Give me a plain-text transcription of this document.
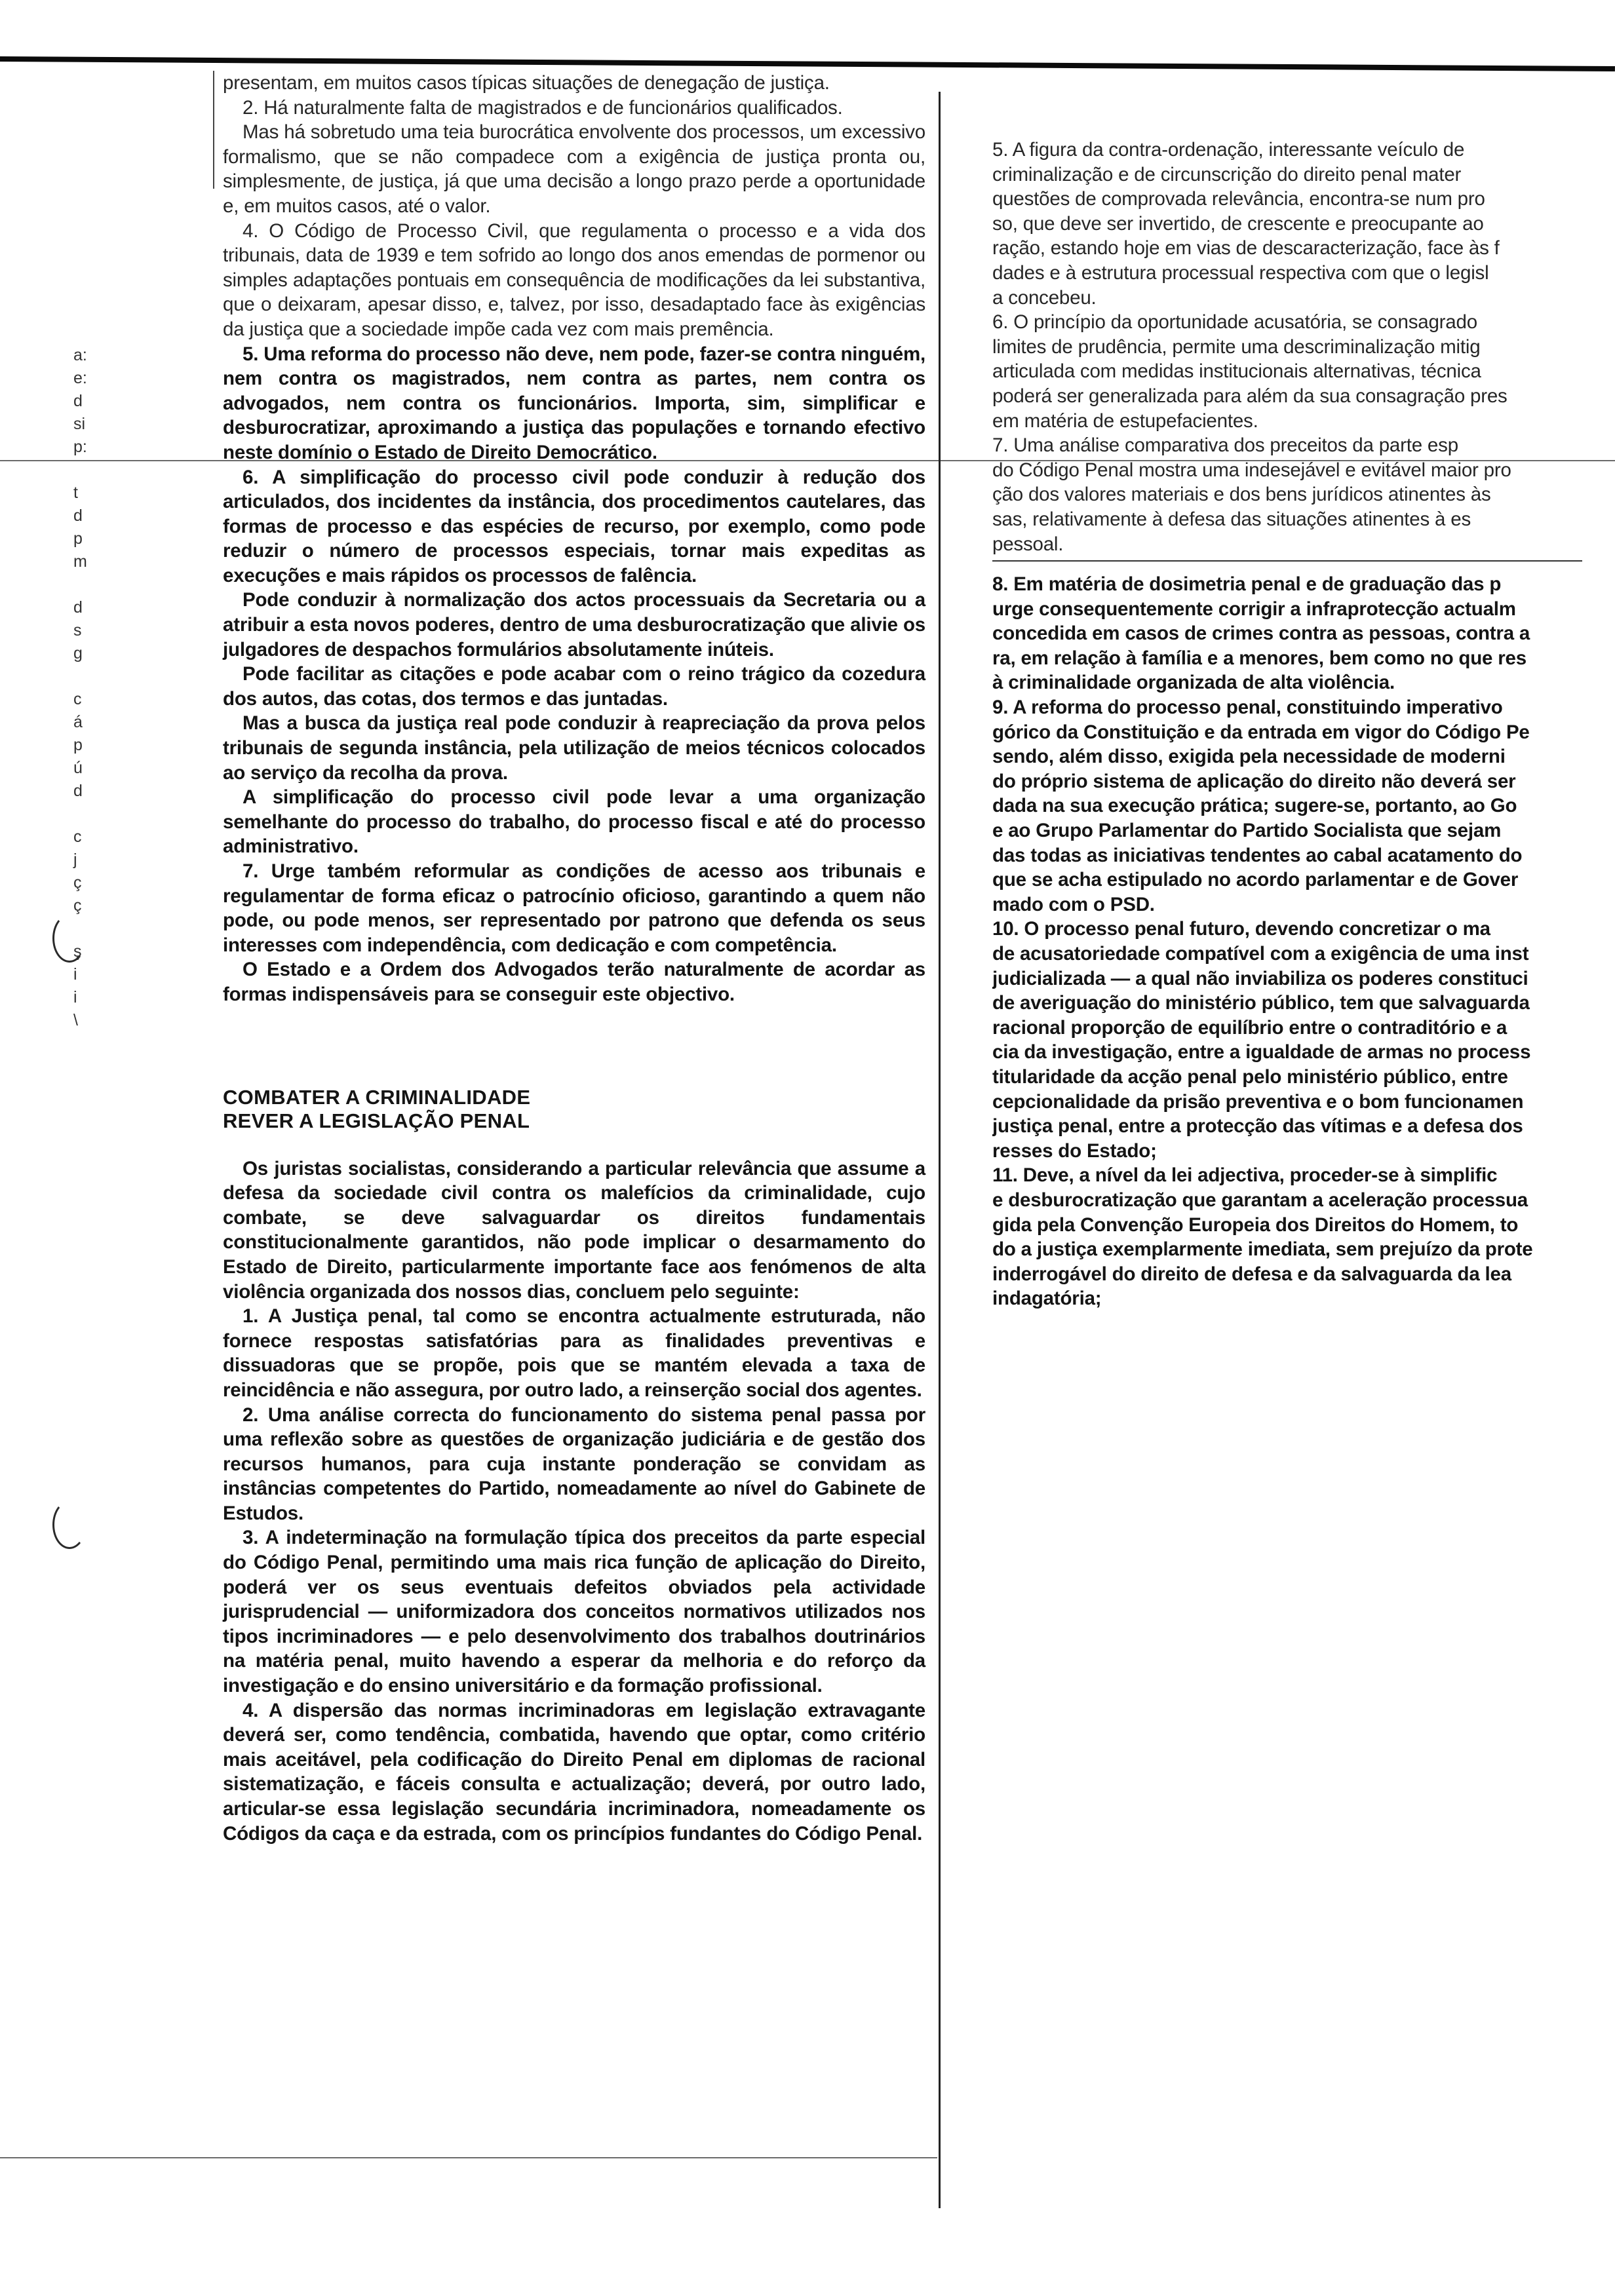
a:
e:
d
si
p:
t
d
p
m
d
s
g
c
á
p
ú
d
c
j
ç
ç
ş
i
i
\

presentam, em muitos casos típicas situações de denegação de justiça.

2. Há naturalmente falta de magistrados e de funcionários qualificados.

Mas há sobretudo uma teia burocrática envolvente dos processos, um excessivo formalismo, que se não compadece com a exigência de justiça pronta ou, simplesmente, de justiça, já que uma decisão a longo prazo perde a oportunidade e, em muitos casos, até o valor.

4. O Código de Processo Civil, que regulamenta o processo e a vida dos tribunais, data de 1939 e tem sofrido ao longo dos anos emendas de pormenor ou simples adaptações pontuais em consequência de modificações da lei substantiva, que o deixaram, apesar disso, e, talvez, por isso, desadaptado face às exigências da justiça que a sociedade impõe cada vez com mais premência.

5. Uma reforma do processo não deve, nem pode, fazer-se contra ninguém, nem contra os magistrados, nem contra as partes, nem contra os advogados, nem contra os funcionários. Importa, sim, simplificar e desburocratizar, aproximando a justiça das populações e tornando efectivo neste domínio o Estado de Direito Democrático.

6. A simplificação do processo civil pode conduzir à redução dos articulados, dos incidentes da instância, dos procedimentos cautelares, das formas de processo e das espécies de recurso, por exemplo, como pode reduzir o número de processos especiais, tornar mais expeditas as execuções e mais rápidos os processos de falência.

Pode conduzir à normalização dos actos processuais da Secretaria ou a atribuir a esta novos poderes, dentro de uma desburocratização que alivie os julgadores de despachos formulários absolutamente inúteis.

Pode facilitar as citações e pode acabar com o reino trágico da cozedura dos autos, das cotas, dos termos e das juntadas.

Mas a busca da justiça real pode conduzir à reapreciação da prova pelos tribunais de segunda instância, pela utilização de meios técnicos colocados ao serviço da recolha da prova.

A simplificação do processo civil pode levar a uma organização semelhante do processo do trabalho, do processo fiscal e até do processo administrativo.

7. Urge também reformular as condições de acesso aos tribunais e regulamentar de forma eficaz o patrocínio oficioso, garantindo a quem não pode, ou pode menos, ser representado por patrono que defenda os seus interesses com independência, com dedicação e com competência.

O Estado e a Ordem dos Advogados terão naturalmente de acordar as formas indispensáveis para se conseguir este objectivo.

COMBATER A CRIMINALIDADE

REVER A LEGISLAÇÃO PENAL

Os juristas socialistas, considerando a particular relevância que assume a defesa da sociedade civil contra os malefícios da criminalidade, cujo combate, se deve salvaguardar os direitos fundamentais constitucionalmente garantidos, não pode implicar o desarmamento do Estado de Direito, particularmente importante face aos fenómenos de alta violência organizada dos nossos dias, concluem pelo seguinte:

1. A Justiça penal, tal como se encontra actualmente estruturada, não fornece respostas satisfatórias para as finalidades preventivas e dissuadoras que se propõe, pois que se mantém elevada a taxa de reincidência e não assegura, por outro lado, a reinserção social dos agentes.

2. Uma análise correcta do funcionamento do sistema penal passa por uma reflexão sobre as questões de organização judiciária e de gestão dos recursos humanos, para cuja instante ponderação se convidam as instâncias competentes do Partido, nomeadamente ao nível do Gabinete de Estudos.

3. A indeterminação na formulação típica dos preceitos da parte especial do Código Penal, permitindo uma mais rica função de aplicação do Direito, poderá ver os seus eventuais defeitos obviados pela actividade jurisprudencial — uniformizadora dos conceitos normativos utilizados nos tipos incriminadores — e pelo desenvolvimento dos trabalhos doutrinários na matéria penal, muito havendo a esperar da melhoria e do reforço da investigação e do ensino universitário e da formação profissional.

4. A dispersão das normas incriminadoras em legislação extravagante deverá ser, como tendência, combatida, havendo que optar, como critério mais aceitável, pela codificação do Direito Penal em diplomas de racional sistematização, e fáceis consulta e actualização; deverá, por outro lado, articular-se essa legislação secundária incriminadora, nomeadamente os Códigos da caça e da estrada, com os princípios fundantes do Código Penal.

5. A figura da contra-ordenação, interessante veículo de

criminalização e de circunscrição do direito penal mater

questões de comprovada relevância, encontra-se num pro

so, que deve ser invertido, de crescente e preocupante ao

ração, estando hoje em vias de descaracterização, face às f

dades e à estrutura processual respectiva com que o legisl

a concebeu.

6. O princípio da oportunidade acusatória, se consagrado

limites de prudência, permite uma descriminalização mitig

articulada com medidas institucionais alternativas, técnica

poderá ser generalizada para além da sua consagração pres

em matéria de estupefacientes.

7. Uma análise comparativa dos preceitos da parte esp

do Código Penal mostra uma indesejável e evitável maior pro

ção dos valores materiais e dos bens jurídicos atinentes às

sas, relativamente à defesa das situações atinentes à es

pessoal.

8. Em matéria de dosimetria penal e de graduação das p

urge consequentemente corrigir a infraprotecção actualm

concedida em casos de crimes contra as pessoas, contra a

ra, em relação à família e a menores, bem como no que res

à criminalidade organizada de alta violência.

9. A reforma do processo penal, constituindo imperativo

górico da Constituição e da entrada em vigor do Código Pe

sendo, além disso, exigida pela necessidade de moderni

do próprio sistema de aplicação do direito não deverá ser

dada na sua execução prática; sugere-se, portanto, ao Go

e ao Grupo Parlamentar do Partido Socialista que sejam

das todas as iniciativas tendentes ao cabal acatamento do

que se acha estipulado no acordo parlamentar e de Gover

mado com o PSD.

10. O processo penal futuro, devendo concretizar o ma

de acusatoriedade compatível com a exigência de uma inst

judicializada — a qual não inviabiliza os poderes constituci

de averiguação do ministério público, tem que salvaguarda

racional proporção de equilíbrio entre o contraditório e a

cia da investigação, entre a igualdade de armas no process

titularidade da acção penal pelo ministério público, entre

cepcionalidade da prisão preventiva e o bom funcionamen

justiça penal, entre a protecção das vítimas e a defesa dos

resses do Estado;

11. Deve, a nível da lei adjectiva, proceder-se à simplific

e desburocratização que garantam a aceleração processua

gida pela Convenção Europeia dos Direitos do Homem, to

do a justiça exemplarmente imediata, sem prejuízo da prote

inderrogável do direito de defesa e da salvaguarda da lea

indagatória;
